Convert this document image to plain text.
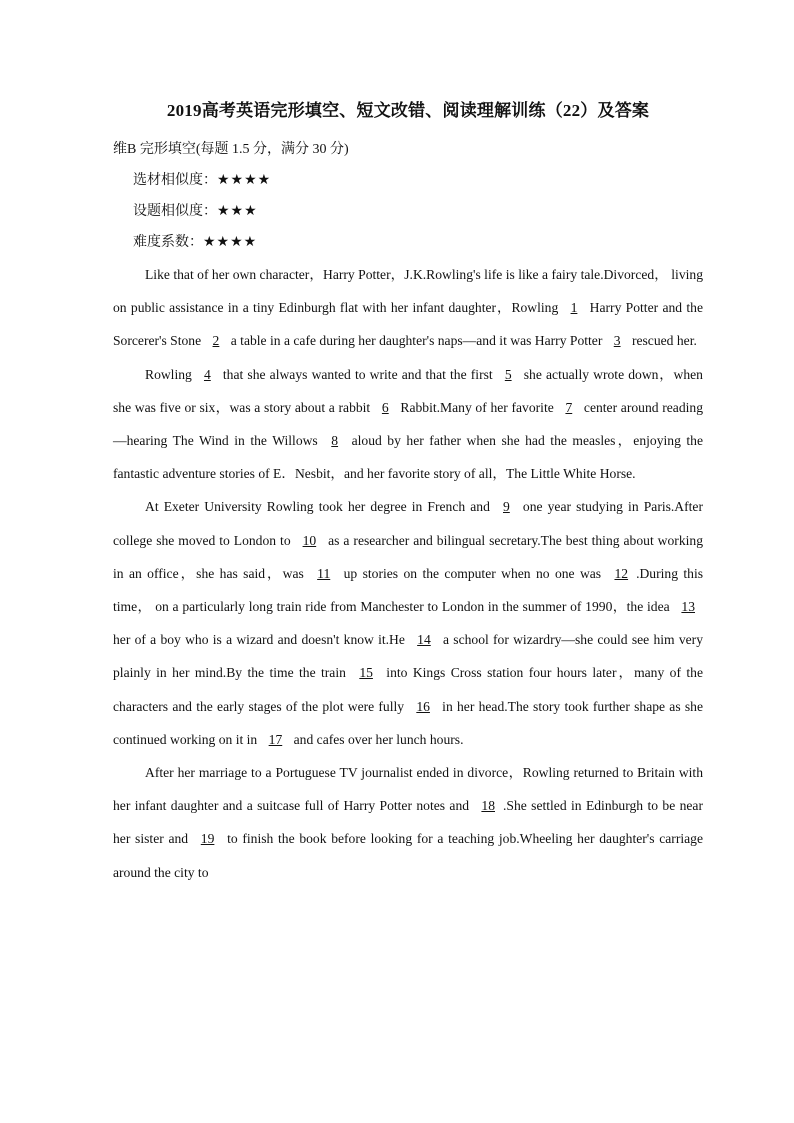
2019高考英语完形填空、短文改错、阅读理解训练（22）及答案
维B 完形填空(每题 1.5 分，满分 30 分)
选材相似度：★★★★
设题相似度：★★★
难度系数：★★★★

Like that of her own character，Harry Potter，J.K.Rowling's life is like a fairy tale.Divorced， living on public assistance in a tiny Edinburgh flat with her infant daughter，Rowling 1 Harry Potter and the Sorcerer's Stone 2 a table in a cafe during her daughter's naps—and it was Harry Potter 3 rescued her.

Rowling 4 that she always wanted to write and that the first 5 she actually wrote down，when she was five or six，was a story about a rabbit 6 Rabbit.Many of her favorite 7 center around reading—hearing The Wind in the Willows 8 aloud by her father when she had the measles，enjoying the fantastic adventure stories of E．Nesbit，and her favorite story of all，The Little White Horse.

At Exeter University Rowling took her degree in French and 9 one year studying in Paris.After college she moved to London to 10 as a researcher and bilingual secretary.The best thing about working in an office，she has said，was 11 up stories on the computer when no one was 12 .During this time， on a particularly long train ride from Manchester to London in the summer of 1990，the idea 13 her of a boy who is a wizard and doesn't know it.He 14 a school for wizardry—she could see him very plainly in her mind.By the time the train 15 into Kings Cross station four hours later，many of the characters and the early stages of the plot were fully 16 in her head.The story took further shape as she continued working on it in 17 and cafes over her lunch hours.

After her marriage to a Portuguese TV journalist ended in divorce，Rowling returned to Britain with her infant daughter and a suitcase full of Harry Potter notes and 18 .She settled in Edinburgh to be near her sister and 19 to finish the book before looking for a teaching job.Wheeling her daughter's carriage around the city to
